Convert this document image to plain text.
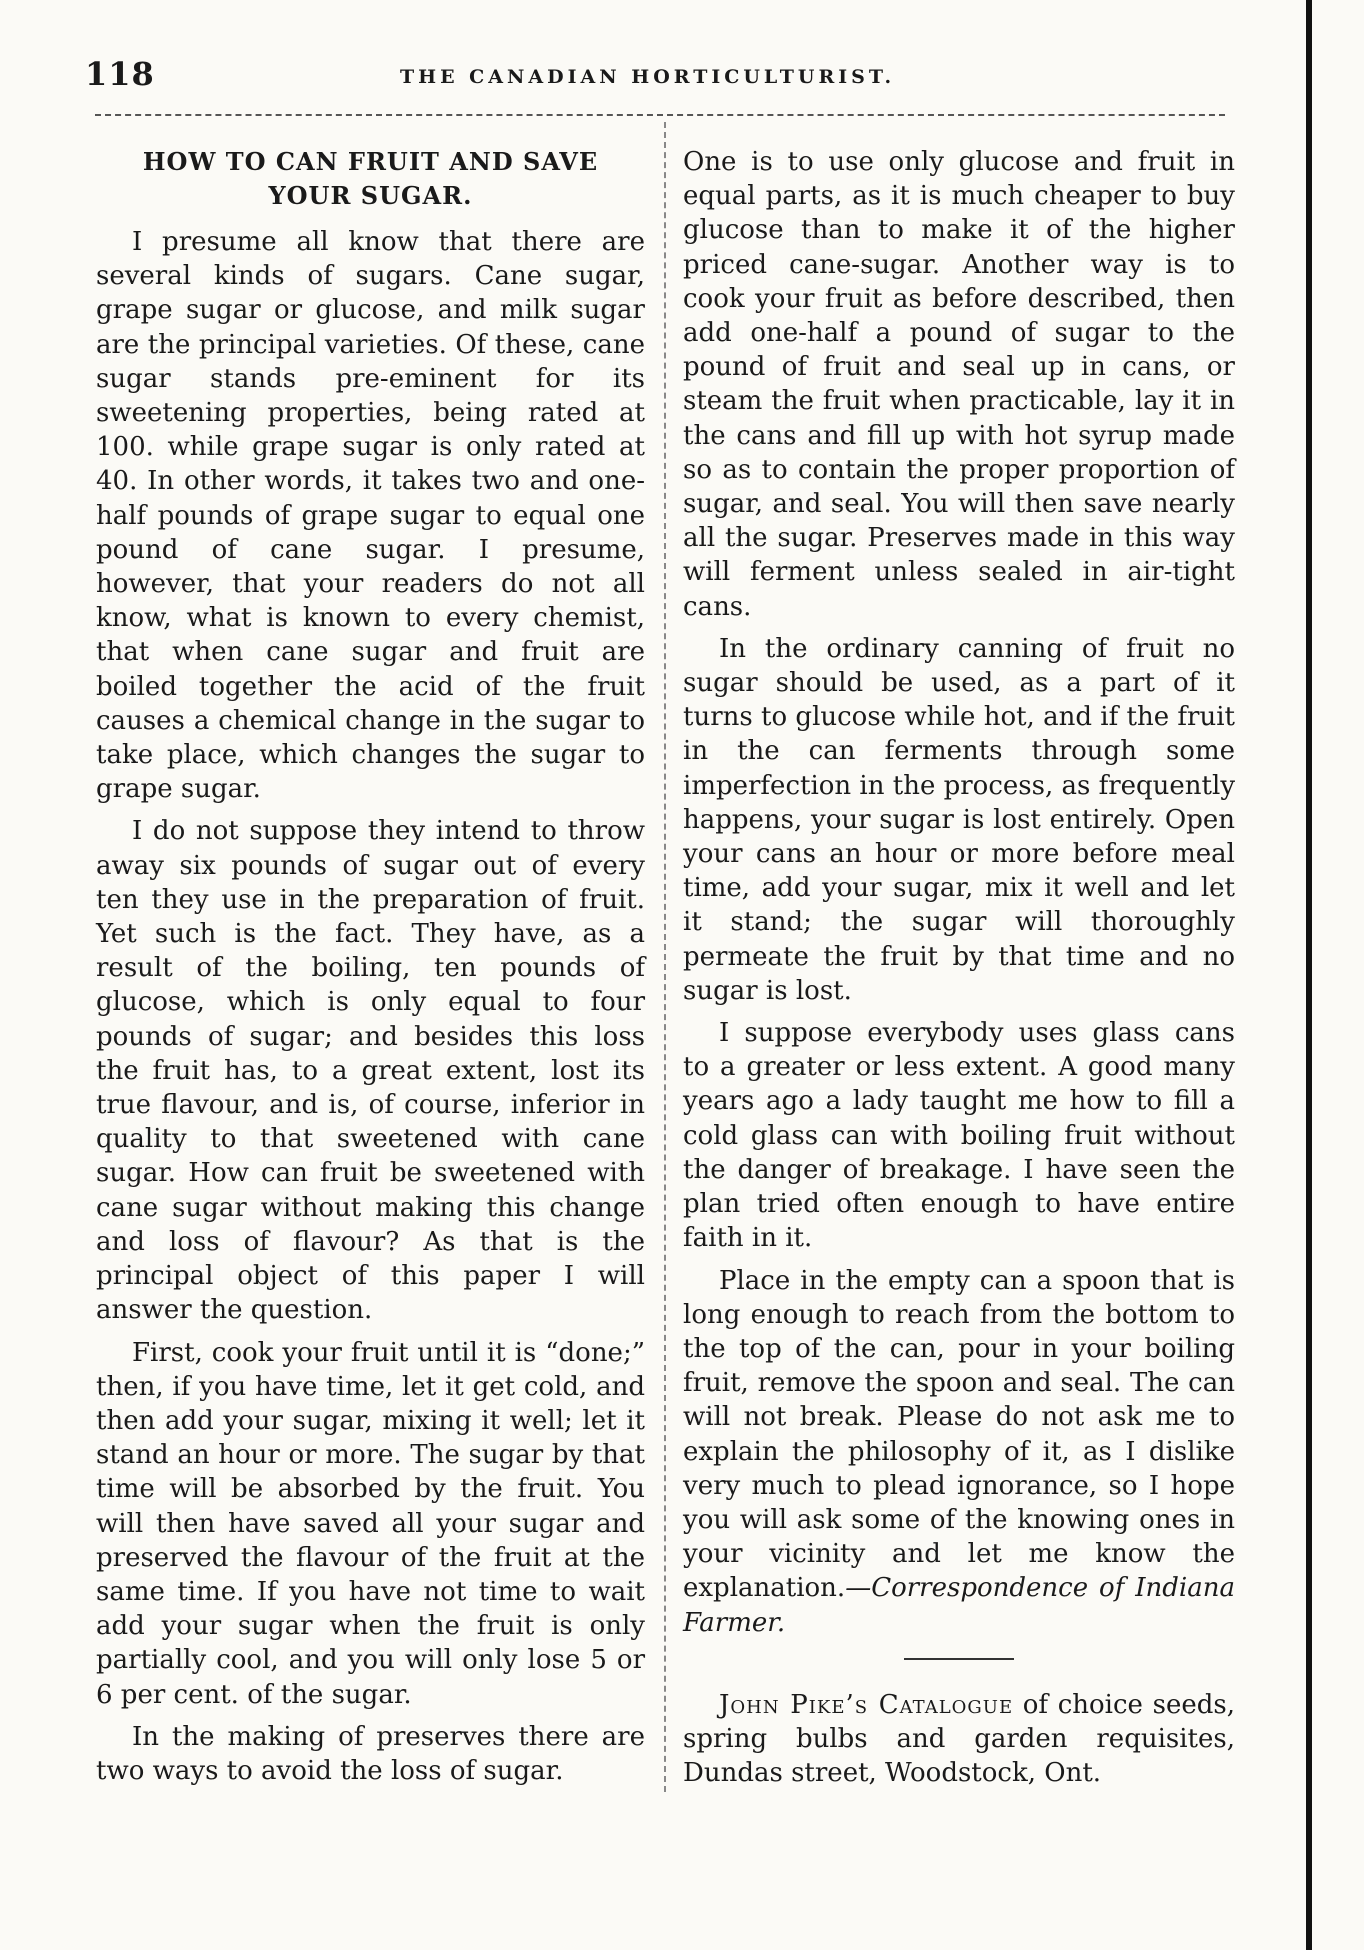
118	THE CANADIAN HORTICULTURIST.
HOW TO CAN FRUIT AND SAVE YOUR SUGAR.

I presume all know that there are several kinds of sugars. Cane sugar, grape sugar or glucose, and milk sugar are the principal varieties. Of these, cane sugar stands pre-eminent for its sweetening properties, being rated at 100. while grape sugar is only rated at 40. In other words, it takes two and one-half pounds of grape sugar to equal one pound of cane sugar. I presume, however, that your readers do not all know, what is known to every chemist, that when cane sugar and fruit are boiled together the acid of the fruit causes a chemical change in the sugar to take place, which changes the sugar to grape sugar.

I do not suppose they intend to throw away six pounds of sugar out of every ten they use in the preparation of fruit. Yet such is the fact. They have, as a result of the boiling, ten pounds of glucose, which is only equal to four pounds of sugar; and besides this loss the fruit has, to a great extent, lost its true flavour, and is, of course, inferior in quality to that sweetened with cane sugar. How can fruit be sweetened with cane sugar without making this change and loss of flavour? As that is the principal object of this paper I will answer the question.

First, cook your fruit until it is “done;” then, if you have time, let it get cold, and then add your sugar, mixing it well; let it stand an hour or more. The sugar by that time will be absorbed by the fruit. You will then have saved all your sugar and preserved the flavour of the fruit at the same time. If you have not time to wait add your sugar when the fruit is only partially cool, and you will only lose 5 or 6 per cent. of the sugar.

In the making of preserves there are two ways to avoid the loss of sugar.

One is to use only glucose and fruit in equal parts, as it is much cheaper to buy glucose than to make it of the higher priced cane-sugar. Another way is to cook your fruit as before described, then add one-half a pound of sugar to the pound of fruit and seal up in cans, or steam the fruit when practicable, lay it in the cans and fill up with hot syrup made so as to contain the proper proportion of sugar, and seal. You will then save nearly all the sugar. Preserves made in this way will ferment unless sealed in air-tight cans.

In the ordinary canning of fruit no sugar should be used, as a part of it turns to glucose while hot, and if the fruit in the can ferments through some imperfection in the process, as frequently happens, your sugar is lost entirely. Open your cans an hour or more before meal time, add your sugar, mix it well and let it stand; the sugar will thoroughly permeate the fruit by that time and no sugar is lost.

I suppose everybody uses glass cans to a greater or less extent. A good many years ago a lady taught me how to fill a cold glass can with boiling fruit without the danger of breakage. I have seen the plan tried often enough to have entire faith in it.

Place in the empty can a spoon that is long enough to reach from the bottom to the top of the can, pour in your boiling fruit, remove the spoon and seal. The can will not break. Please do not ask me to explain the philosophy of it, as I dislike very much to plead ignorance, so I hope you will ask some of the knowing ones in your vicinity and let me know the explanation.—Correspondence of Indiana Farmer.

John Pike’s Catalogue of choice seeds, spring bulbs and garden requisites, Dundas street, Woodstock, Ont.
